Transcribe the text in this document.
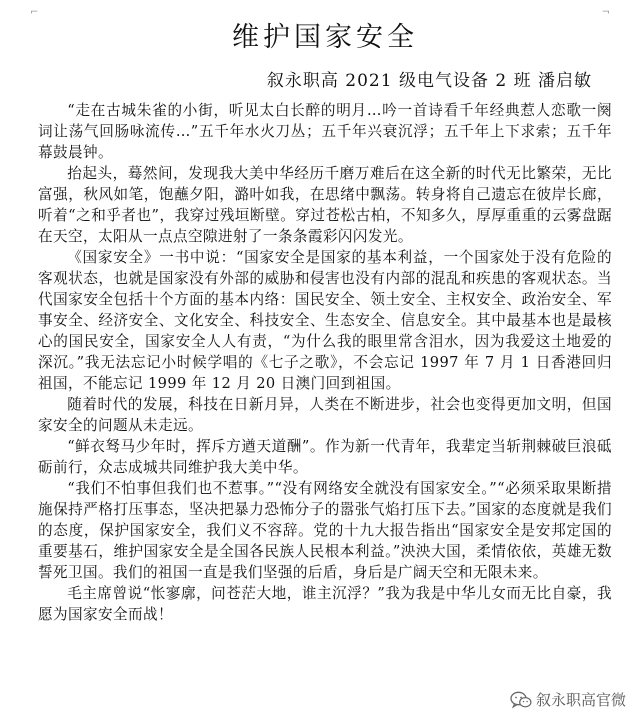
⌐	¬
维护国家安全
叙永职高 2021 级电气设备 2 班 潘启敏

“走在古城朱雀的小街，听见太白长醉的明月…吟一首诗看千年经典惹人恋歌一阕词让荡气回肠咏流传…”五千年水火刀丛；五千年兴衰沉浮；五千年上下求索；五千年幕鼓晨钟。

抬起头，蓦然间，发现我大美中华经历千磨万难后在这全新的时代无比繁荣，无比富强，秋风如笔，饱蘸夕阳，潞叶如我，在思绪中飘荡。转身将自己遗忘在彼岸长廊，听着“之和乎者也”，我穿过残垣断壁。穿过苍松古柏，不知多久，厚厚重重的云雾盘踞在天空，太阳从一点点空隙进射了一条条霞彩闪闪发光。

《国家安全》一书中说：“国家安全是国家的基本利益，一个国家处于没有危险的客观状态，也就是国家没有外部的威胁和侵害也没有内部的混乱和疾患的客观状态。当代国家安全包括十个方面的基本内络：国民安全、领土安全、主权安全、政治安全、军事安全、经济安全、文化安全、科技安全、生态安全、信息安全。其中最基本也是最核心的国民安全，国家安全人人有责，“为什么我的眼里常含泪水，因为我爱这土地爱的深沉。”我无法忘记小时候学唱的《七子之歌》，不会忘记 1997 年 7 月 1 日香港回归祖国，不能忘记 1999 年 12 月 20 日澳门回到祖国。

随着时代的发展，科技在日新月异，人类在不断进步，社会也变得更加文明，但国家安全的问题从未走远。

“鲜衣驽马少年时，挥斥方遒天道酬”。作为新一代青年，我辈定当斩荆棘破巨浪砥砺前行，众志成城共同维护我大美中华。

“我们不怕事但我们也不惹事。”“没有网络安全就没有国家安全。”“必须采取果断措施保持严格打压事态，坚决把暴力恐怖分子的嚣张气焰打压下去。”国家的态度就是我们的态度，保护国家安全，我们义不容辞。党的十九大报告指出“国家安全是安邦定国的重要基石，维护国家安全是全国各民族人民根本利益。”泱泱大国，柔情依依，英雄无数誓死卫国。我们的祖国一直是我们坚强的后盾，身后是广阔天空和无限未来。

毛主席曾说“怅寥廓，问苍茫大地，谁主沉浮？”我为我是中华儿女而无比自豪，我愿为国家安全而战！

叙永职高官微
